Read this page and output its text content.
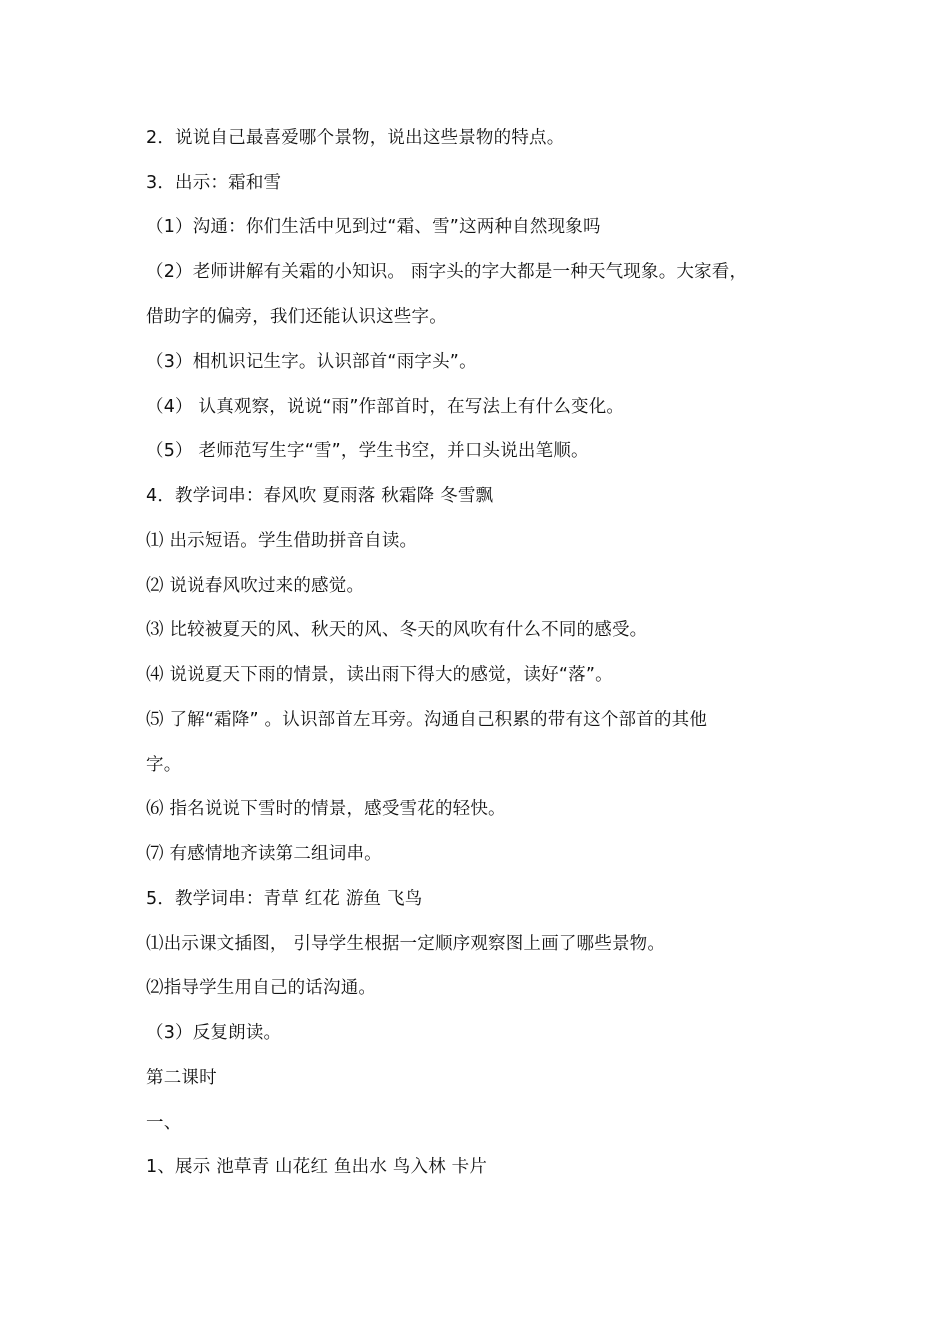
2．说说自己最喜爱哪个景物，说出这些景物的特点。
3．出示：霜和雪
（1）沟通：你们生活中见到过“霜、雪”这两种自然现象吗
（2）老师讲解有关霜的小知识。 雨字头的字大都是一种天气现象。大家看，
借助字的偏旁，我们还能认识这些字。
（3）相机识记生字。认识部首“雨字头”。
（4） 认真观察，说说“雨”作部首时，在写法上有什么变化。
（5） 老师范写生字“雪”，学生书空，并口头说出笔顺。
4．教学词串：春风吹 夏雨落 秋霜降 冬雪飘
⑴ 出示短语。学生借助拼音自读。
⑵ 说说春风吹过来的感觉。
⑶ 比较被夏天的风、秋天的风、冬天的风吹有什么不同的感受。
⑷ 说说夏天下雨的情景，读出雨下得大的感觉，读好“落”。
⑸ 了解“霜降” 。认识部首左耳旁。沟通自己积累的带有这个部首的其他
字。
⑹ 指名说说下雪时的情景，感受雪花的轻快。
⑺ 有感情地齐读第二组词串。
5．教学词串：青草 红花 游鱼 飞鸟
⑴出示课文插图， 引导学生根据一定顺序观察图上画了哪些景物。
⑵指导学生用自己的话沟通。
（3）反复朗读。
第二课时
一、
1、展示 池草青 山花红 鱼出水 鸟入林 卡片
